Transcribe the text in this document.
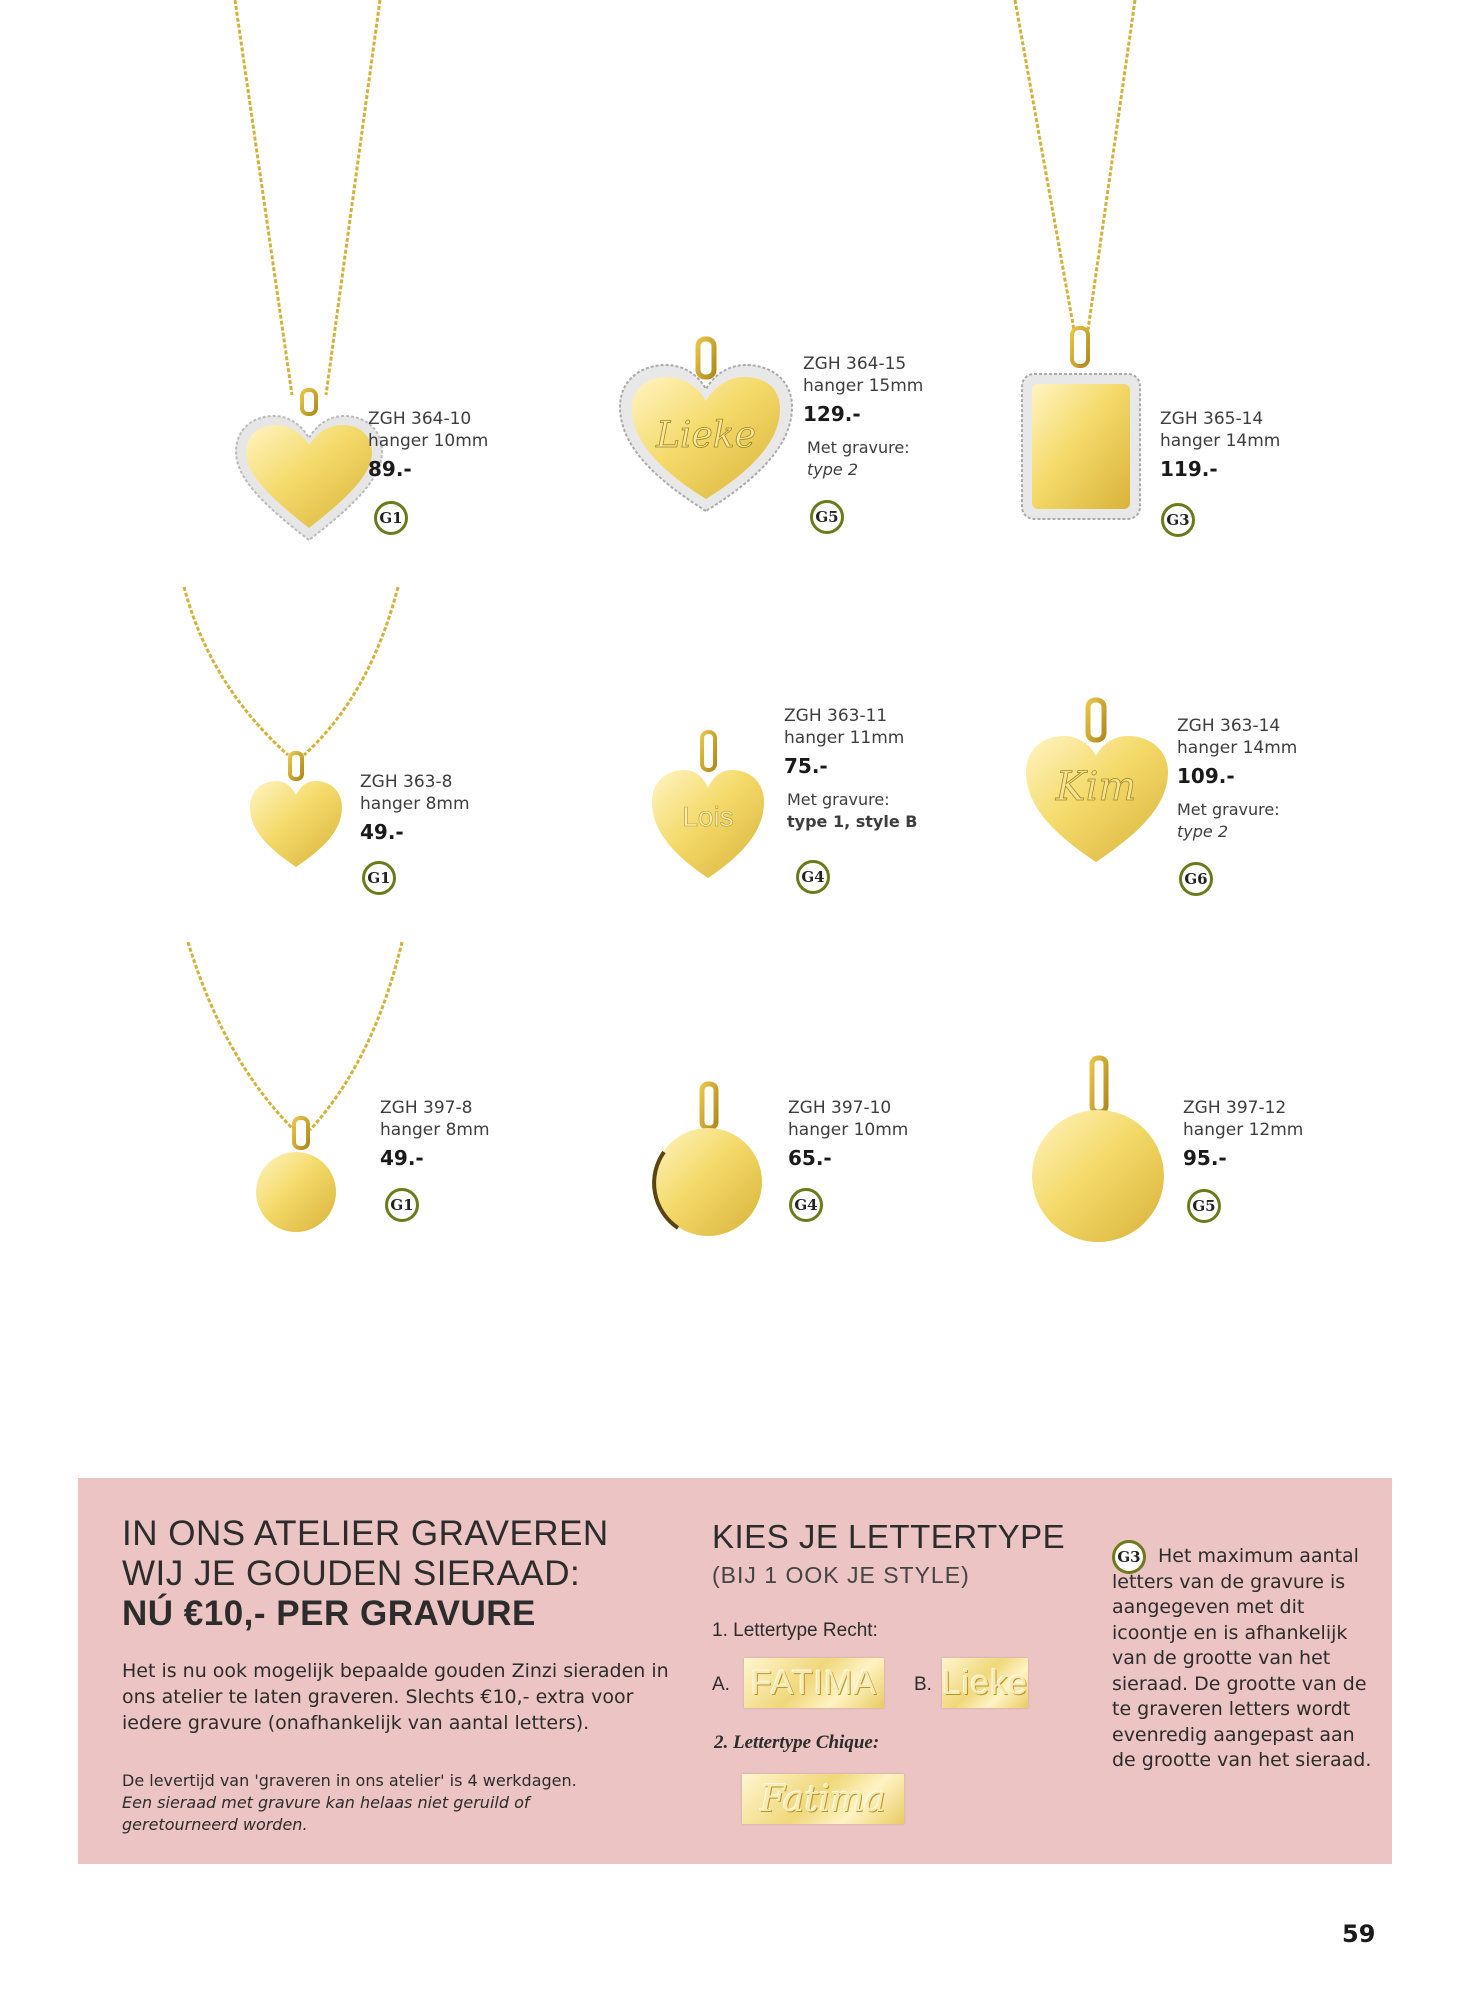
Lieke
Lois
Kim
ZGH 364-10
hanger 10mm
89.-
G1
ZGH 364-15
hanger 15mm
129.-
Met gravure:
type 2
G5
ZGH 365-14
hanger 14mm
119.-
G3
ZGH 363-8
hanger 8mm
49.-
G1
ZGH 363-11
hanger 11mm
75.-
Met gravure:
type 1, style B
G4
ZGH 363-14
hanger 14mm
109.-
Met gravure:
type 2
G6
ZGH 397-8
hanger 8mm
49.-
G1
ZGH 397-10
hanger 10mm
65.-
G4
ZGH 397-12
hanger 12mm
95.-
G5
IN ONS ATELIER GRAVEREN
WIJ JE GOUDEN SIERAAD:
NÚ €10,- PER GRAVURE
Het is nu ook mogelijk bepaalde gouden Zinzi sieraden in ons atelier te laten graveren. Slechts €10,- extra voor iedere gravure (onafhankelijk van aantal letters).
De levertijd van 'graveren in ons atelier' is 4 werkdagen.
Een sieraad met gravure kan helaas niet geruild of geretourneerd worden.
KIES JE LETTERTYPE
(BIJ 1 OOK JE STYLE)
1. Lettertype Recht:
A. FATIMA	B. Lieke
2. Lettertype Chique:
Fatima
G3 Het maximum aantal
letters van de gravure is aangegeven met dit icoontje en is afhankelijk van de grootte van het sieraad. De grootte van de te graveren letters wordt evenredig aangepast aan de grootte van het sieraad.
59
